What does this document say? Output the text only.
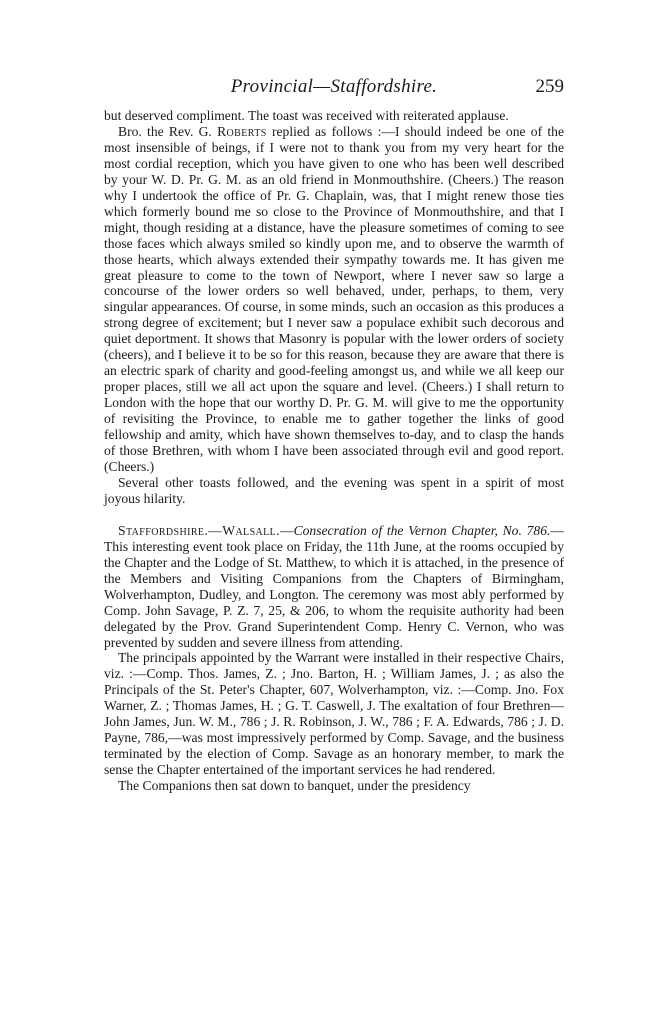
Provincial—Staffordshire.	259

but deserved compliment. The toast was received with reiterated applause.

Bro. the Rev. G. Roberts replied as follows :—I should indeed be one of the most insensible of beings, if I were not to thank you from my very heart for the most cordial reception, which you have given to one who has been well described by your W. D. Pr. G. M. as an old friend in Monmouthshire. (Cheers.) The reason why I undertook the office of Pr. G. Chaplain, was, that I might renew those ties which formerly bound me so close to the Province of Monmouthshire, and that I might, though residing at a distance, have the pleasure sometimes of coming to see those faces which always smiled so kindly upon me, and to observe the warmth of those hearts, which always extended their sympathy towards me. It has given me great pleasure to come to the town of Newport, where I never saw so large a concourse of the lower orders so well behaved, under, perhaps, to them, very singular appearances. Of course, in some minds, such an occasion as this produces a strong degree of excitement; but I never saw a populace exhibit such decorous and quiet deportment. It shows that Masonry is popular with the lower orders of society (cheers), and I believe it to be so for this reason, because they are aware that there is an electric spark of charity and good-feeling amongst us, and while we all keep our proper places, still we all act upon the square and level. (Cheers.) I shall return to London with the hope that our worthy D. Pr. G. M. will give to me the opportunity of revisiting the Province, to enable me to gather together the links of good fellowship and amity, which have shown themselves to-day, and to clasp the hands of those Brethren, with whom I have been associated through evil and good report. (Cheers.)

Several other toasts followed, and the evening was spent in a spirit of most joyous hilarity.

Staffordshire.—Walsall.—Consecration of the Vernon Chapter, No. 786.—This interesting event took place on Friday, the 11th June, at the rooms occupied by the Chapter and the Lodge of St. Matthew, to which it is attached, in the presence of the Members and Visiting Companions from the Chapters of Birmingham, Wolverhampton, Dudley, and Longton. The ceremony was most ably performed by Comp. John Savage, P. Z. 7, 25, & 206, to whom the requisite authority had been delegated by the Prov. Grand Superintendent Comp. Henry C. Vernon, who was prevented by sudden and severe illness from attending.

The principals appointed by the Warrant were installed in their respective Chairs, viz. :—Comp. Thos. James, Z. ; Jno. Barton, H. ; William James, J. ; as also the Principals of the St. Peter's Chapter, 607, Wolverhampton, viz. :—Comp. Jno. Fox Warner, Z. ; Thomas James, H. ; G. T. Caswell, J. The exaltation of four Brethren—John James, Jun. W. M., 786 ; J. R. Robinson, J. W., 786 ; F. A. Edwards, 786 ; J. D. Payne, 786,—was most impressively performed by Comp. Savage, and the business terminated by the election of Comp. Savage as an honorary member, to mark the sense the Chapter entertained of the important services he had rendered.

The Companions then sat down to banquet, under the presidency
